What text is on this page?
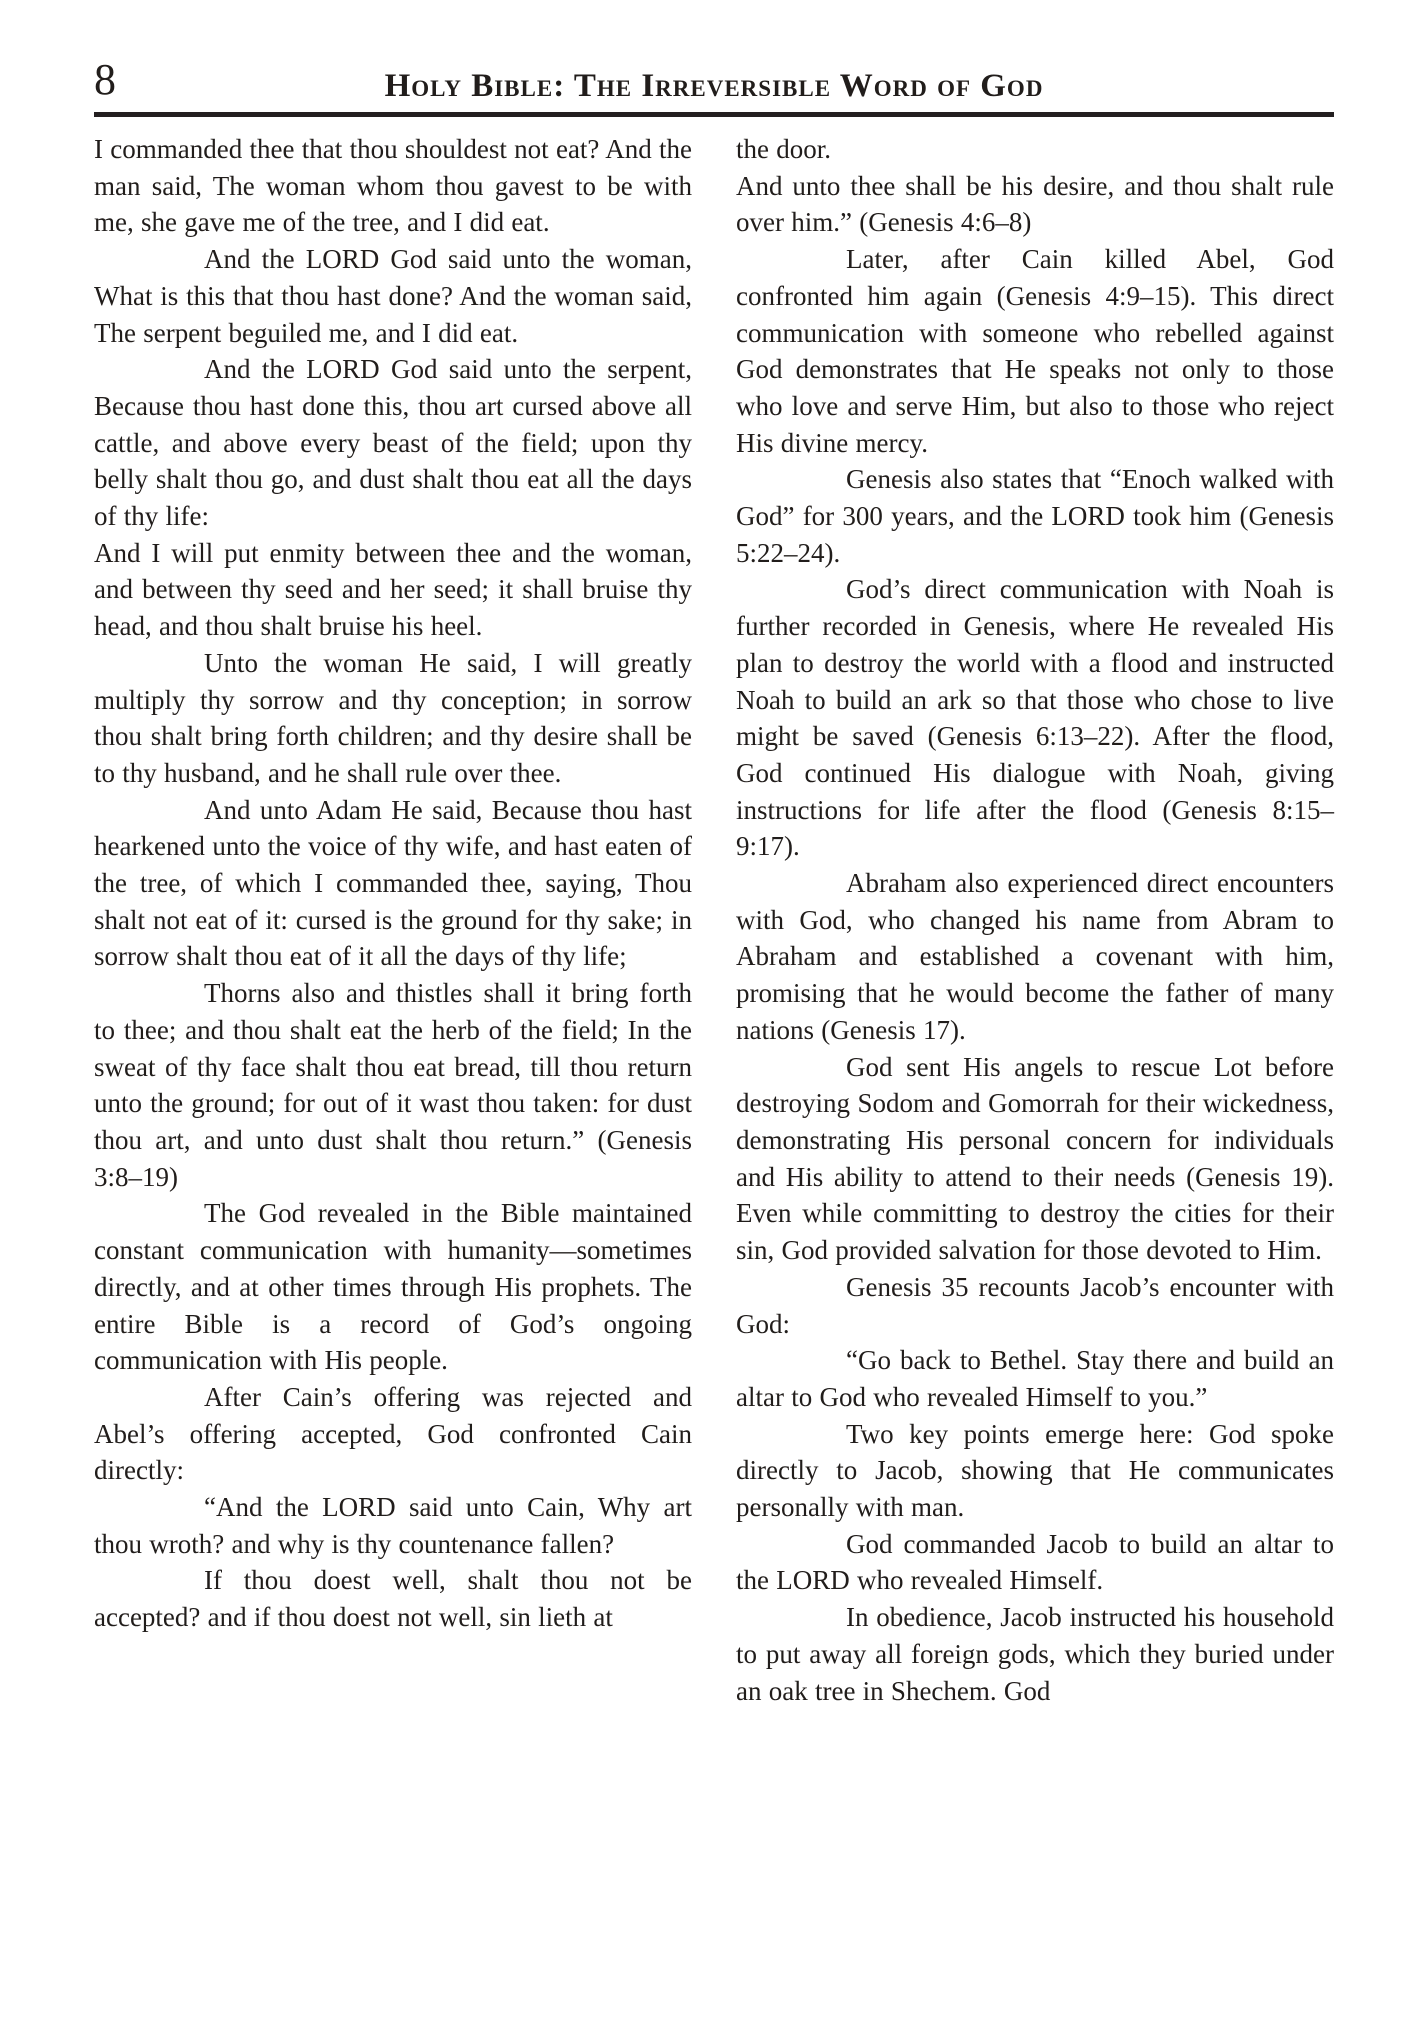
8	Holy Bible: The Irreversible Word of God

I commanded thee that thou shouldest not eat? And the man said, The woman whom thou gavest to be with me, she gave me of the tree, and I did eat.

And the LORD God said unto the woman, What is this that thou hast done? And the woman said, The serpent beguiled me, and I did eat.

And the LORD God said unto the serpent, Because thou hast done this, thou art cursed above all cattle, and above every beast of the field; upon thy belly shalt thou go, and dust shalt thou eat all the days of thy life:

And I will put enmity between thee and the woman, and between thy seed and her seed; it shall bruise thy head, and thou shalt bruise his heel.

Unto the woman He said, I will greatly multiply thy sorrow and thy conception; in sorrow thou shalt bring forth children; and thy desire shall be to thy husband, and he shall rule over thee.

And unto Adam He said, Because thou hast hearkened unto the voice of thy wife, and hast eaten of the tree, of which I commanded thee, saying, Thou shalt not eat of it: cursed is the ground for thy sake; in sorrow shalt thou eat of it all the days of thy life;

Thorns also and thistles shall it bring forth to thee; and thou shalt eat the herb of the field; In the sweat of thy face shalt thou eat bread, till thou return unto the ground; for out of it wast thou taken: for dust thou art, and unto dust shalt thou return.” (Genesis 3:8–19)

The God revealed in the Bible maintained constant communication with humanity—sometimes directly, and at other times through His prophets. The entire Bible is a record of God’s ongoing communication with His people.

After Cain’s offering was rejected and Abel’s offering accepted, God confronted Cain directly:

“And the LORD said unto Cain, Why art thou wroth? and why is thy countenance fallen?

If thou doest well, shalt thou not be accepted? and if thou doest not well, sin lieth at

the door.

And unto thee shall be his desire, and thou shalt rule over him.” (Genesis 4:6–8)

Later, after Cain killed Abel, God confronted him again (Genesis 4:9–15). This direct communication with someone who rebelled against God demonstrates that He speaks not only to those who love and serve Him, but also to those who reject His divine mercy.

Genesis also states that “Enoch walked with God” for 300 years, and the LORD took him (Genesis 5:22–24).

God’s direct communication with Noah is further recorded in Genesis, where He revealed His plan to destroy the world with a flood and instructed Noah to build an ark so that those who chose to live might be saved (Genesis 6:13–22). After the flood, God continued His dialogue with Noah, giving instructions for life after the flood (Genesis 8:15–9:17).

Abraham also experienced direct encounters with God, who changed his name from Abram to Abraham and established a covenant with him, promising that he would become the father of many nations (Genesis 17).

God sent His angels to rescue Lot before destroying Sodom and Gomorrah for their wickedness, demonstrating His personal concern for individuals and His ability to attend to their needs (Genesis 19). Even while committing to destroy the cities for their sin, God provided salvation for those devoted to Him.

Genesis 35 recounts Jacob’s encounter with God:

“Go back to Bethel. Stay there and build an altar to God who revealed Himself to you.”

Two key points emerge here: God spoke directly to Jacob, showing that He communicates personally with man.

God commanded Jacob to build an altar to the LORD who revealed Himself.

In obedience, Jacob instructed his household to put away all foreign gods, which they buried under an oak tree in Shechem. God
